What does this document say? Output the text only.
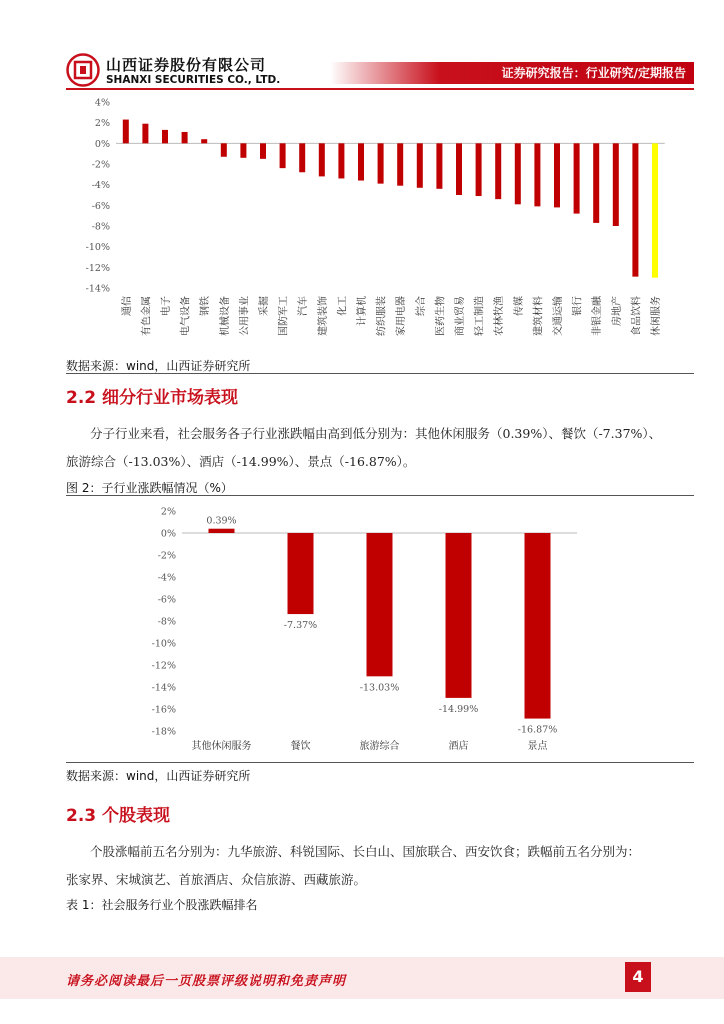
山西证券股份有限公司
SHANXI SECURITIES CO., LTD.	证券研究报告：行业研究/定期报告
4%
2%
0%
-2%
-4%
-6%
-8%
-10%
-12%
-14%
通信 有色金属 电子 电气设备 钢铁 机械设备 公用事业 采掘 国防军工 汽车 建筑装饰 化工 计算机 纺织服装 家用电器 综合 医药生物 商业贸易 轻工制造 农林牧渔 传媒 建筑材料 交通运输 银行 非银金融 房地产 食品饮料 休闲服务
数据来源：wind，山西证券研究所
2.2 细分行业市场表现
分子行业来看，社会服务各子行业涨跌幅由高到低分别为：其他休闲服务（0.39%）、餐饮（-7.37%）、
旅游综合（-13.03%）、酒店（-14.99%）、景点（-16.87%）。
图 2：子行业涨跌幅情况（%）
2%
0%
-2%
-4%
-6%
-8%
-10%
-12%
-14%
-16%
-18%
0.39%
其他休闲服务
-7.37%
餐饮
-13.03%
旅游综合
-14.99%
酒店
-16.87%
景点
数据来源：wind，山西证券研究所
2.3 个股表现
个股涨幅前五名分别为：九华旅游、科锐国际、长白山、国旅联合、西安饮食；跌幅前五名分别为：
张家界、宋城演艺、首旅酒店、众信旅游、西藏旅游。
表 1：社会服务行业个股涨跌幅排名
请务必阅读最后一页股票评级说明和免责声明	4
